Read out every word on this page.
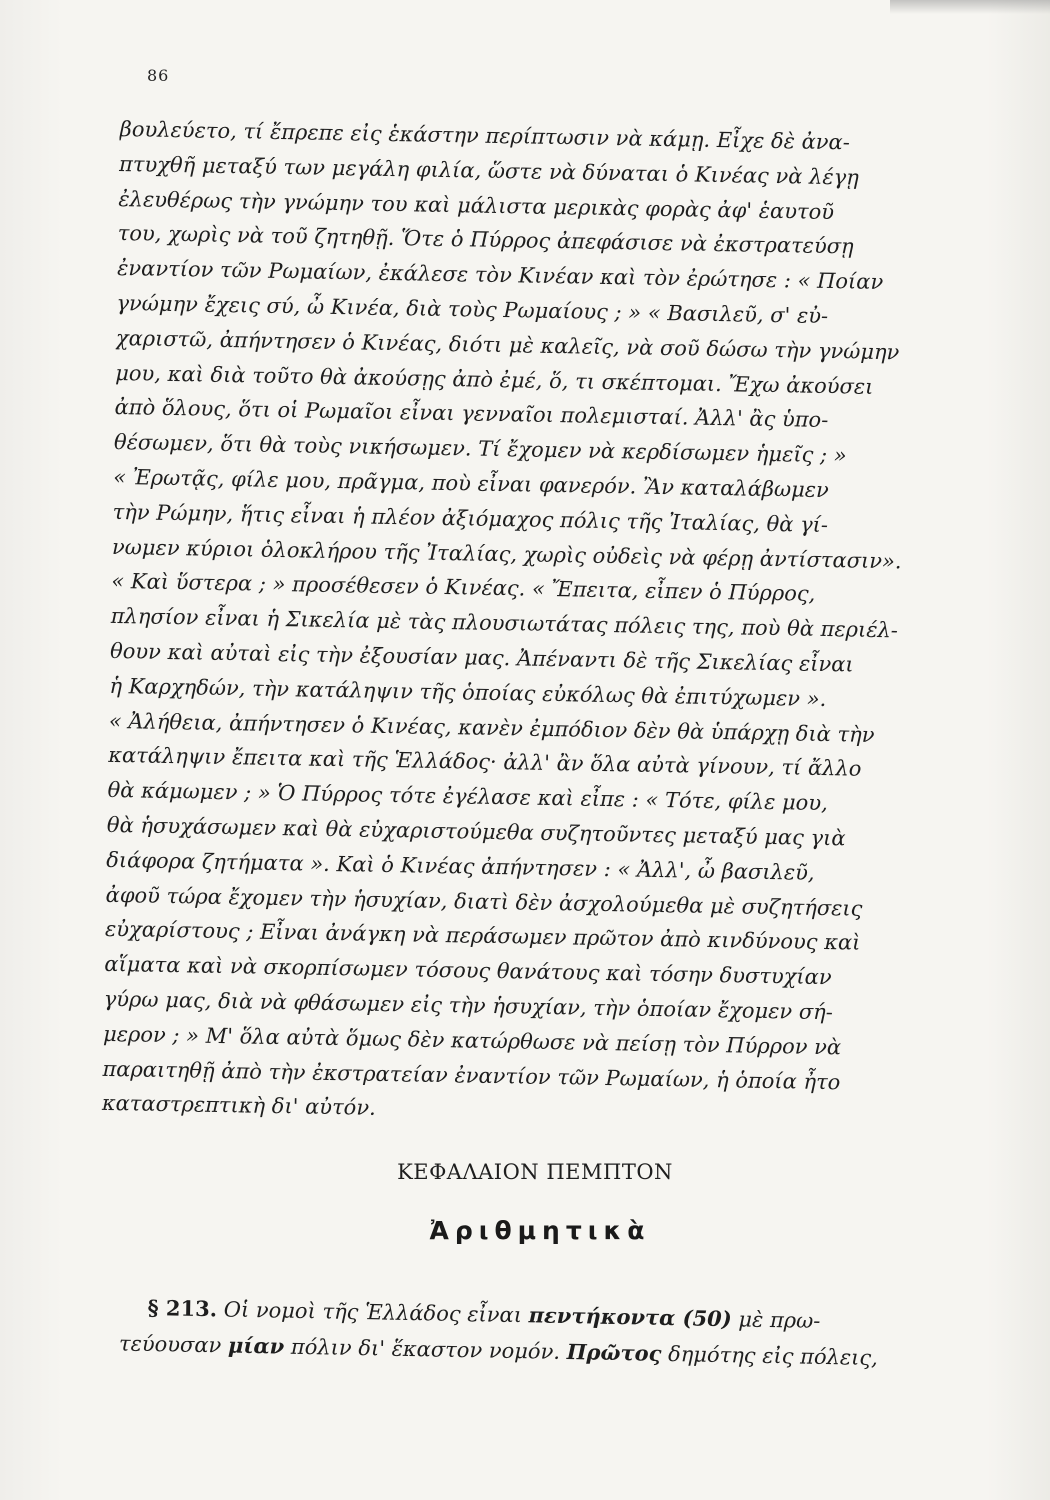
86
βουλεύετο, τί ἔπρεπε εἰς ἑκάστην περίπτωσιν νὰ κάμῃ. Εἶχε δὲ ἀνα-
πτυχθῆ μεταξύ των μεγάλη φιλία, ὥστε νὰ δύναται ὁ Κινέας νὰ λέγῃ
ἐλευθέρως τὴν γνώμην του καὶ μάλιστα μερικὰς φορὰς ἀφ' ἑαυτοῦ
του, χωρὶς νὰ τοῦ ζητηθῇ. Ὅτε ὁ Πύρρος ἀπεφάσισε νὰ ἐκστρατεύσῃ
ἐναντίον τῶν Ρωμαίων, ἐκάλεσε τὸν Κινέαν καὶ τὸν ἐρώτησε : « Ποίαν
γνώμην ἔχεις σύ, ὦ Κινέα, διὰ τοὺς Ρωμαίους ; » « Βασιλεῦ, σ' εὐ-
χαριστῶ, ἀπήντησεν ὁ Κινέας, διότι μὲ καλεῖς, νὰ σοῦ δώσω τὴν γνώμην
μου, καὶ διὰ τοῦτο θὰ ἀκούσῃς ἀπὸ ἐμέ, ὅ, τι σκέπτομαι. Ἔχω ἀκούσει
ἀπὸ ὅλους, ὅτι οἱ Ρωμαῖοι εἶναι γενναῖοι πολεμισταί. Ἀλλ' ἂς ὑπο-
θέσωμεν, ὅτι θὰ τοὺς νικήσωμεν. Τί ἔχομεν νὰ κερδίσωμεν ἡμεῖς ; »
« Ἐρωτᾷς, φίλε μου, πρᾶγμα, ποὺ εἶναι φανερόν. Ἂν καταλάβωμεν
τὴν Ρώμην, ἥτις εἶναι ἡ πλέον ἀξιόμαχος πόλις τῆς Ἰταλίας, θὰ γί-
νωμεν κύριοι ὁλοκλήρου τῆς Ἰταλίας, χωρὶς οὐδεὶς νὰ φέρῃ ἀντίστασιν».
« Καὶ ὕστερα ; » προσέθεσεν ὁ Κινέας. « Ἔπειτα, εἶπεν ὁ Πύρρος,
πλησίον εἶναι ἡ Σικελία μὲ τὰς πλουσιωτάτας πόλεις της, ποὺ θὰ περιέλ-
θουν καὶ αὐταὶ εἰς τὴν ἐξουσίαν μας. Ἀπέναντι δὲ τῆς Σικελίας εἶναι
ἡ Καρχηδών, τὴν κατάληψιν τῆς ὁποίας εὐκόλως θὰ ἐπιτύχωμεν ».
« Ἀλήθεια, ἀπήντησεν ὁ Κινέας, κανὲν ἐμπόδιον δὲν θὰ ὑπάρχῃ διὰ τὴν
κατάληψιν ἔπειτα καὶ τῆς Ἑλλάδος· ἀλλ' ἂν ὅλα αὐτὰ γίνουν, τί ἄλλο
θὰ κάμωμεν ; » Ὁ Πύρρος τότε ἐγέλασε καὶ εἶπε : « Τότε, φίλε μου,
θὰ ἡσυχάσωμεν καὶ θὰ εὐχαριστούμεθα συζητοῦντες μεταξύ μας γιὰ
διάφορα ζητήματα ». Καὶ ὁ Κινέας ἀπήντησεν : « Ἀλλ', ὦ βασιλεῦ,
ἀφοῦ τώρα ἔχομεν τὴν ἡσυχίαν, διατὶ δὲν ἀσχολούμεθα μὲ συζητήσεις
εὐχαρίστους ; Εἶναι ἀνάγκη νὰ περάσωμεν πρῶτον ἀπὸ κινδύνους καὶ
αἵματα καὶ νὰ σκορπίσωμεν τόσους θανάτους καὶ τόσην δυστυχίαν
γύρω μας, διὰ νὰ φθάσωμεν εἰς τὴν ἡσυχίαν, τὴν ὁποίαν ἔχομεν σή-
μερον ; » Μ' ὅλα αὐτὰ ὅμως δὲν κατώρθωσε νὰ πείσῃ τὸν Πύρρον νὰ
παραιτηθῇ ἀπὸ τὴν ἐκστρατείαν ἐναντίον τῶν Ρωμαίων, ἡ ὁποία ἦτο
καταστρεπτικὴ δι' αὐτόν.
ΚΕΦΑΛΑΙΟΝ ΠΕΜΠΤΟΝ
Ἀριθμητικὰ
§ 213. Οἱ νομοὶ τῆς Ἑλλάδος εἶναι πεντήκοντα (50) μὲ πρω-
τεύουσαν μίαν πόλιν δι' ἕκαστον νομόν. Πρῶτος δημότης εἰς πόλεις,
